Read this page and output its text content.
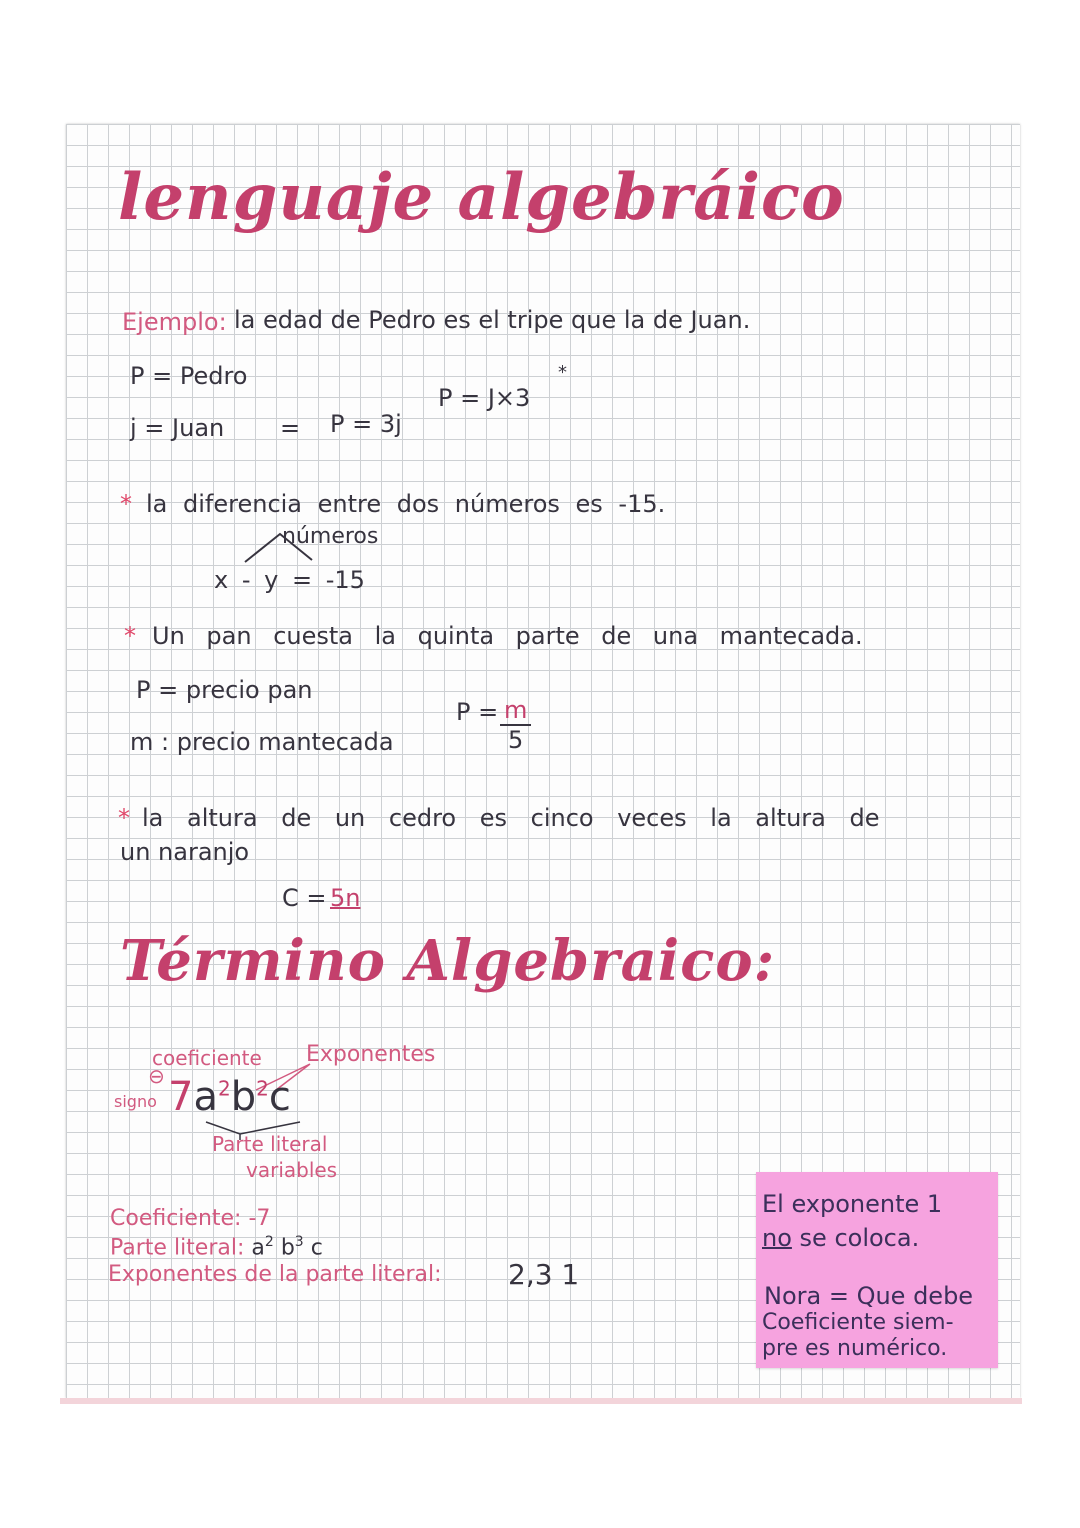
lenguaje algebráico
Ejemplo: la edad de Pedro es el tripe que la de Juan.
P = Pedro
j = Juan = P = 3j
P = J×3
*
* la diferencia entre dos números es -15.
números
x - y = -15
* Un pan cuesta la quinta parte de una mantecada.
P = precio pan
m : precio mantecada
$P = \frac{m}{5}$
* la altura de un cedro es cinco veces la altura de
un naranjo
C = 5n
Término Algebraico:
coeficiente Exponentes
⊖
signo $7a^2b^2c$
Parte literal
variables
Coeficiente: -7
Parte literal: $a^2$ $b^3$ c
Exponentes de la parte literal: 2,3 1
El exponente 1
no se coloca.
Nora = Que debe
Coeficiente siem-
pre es numérico.
